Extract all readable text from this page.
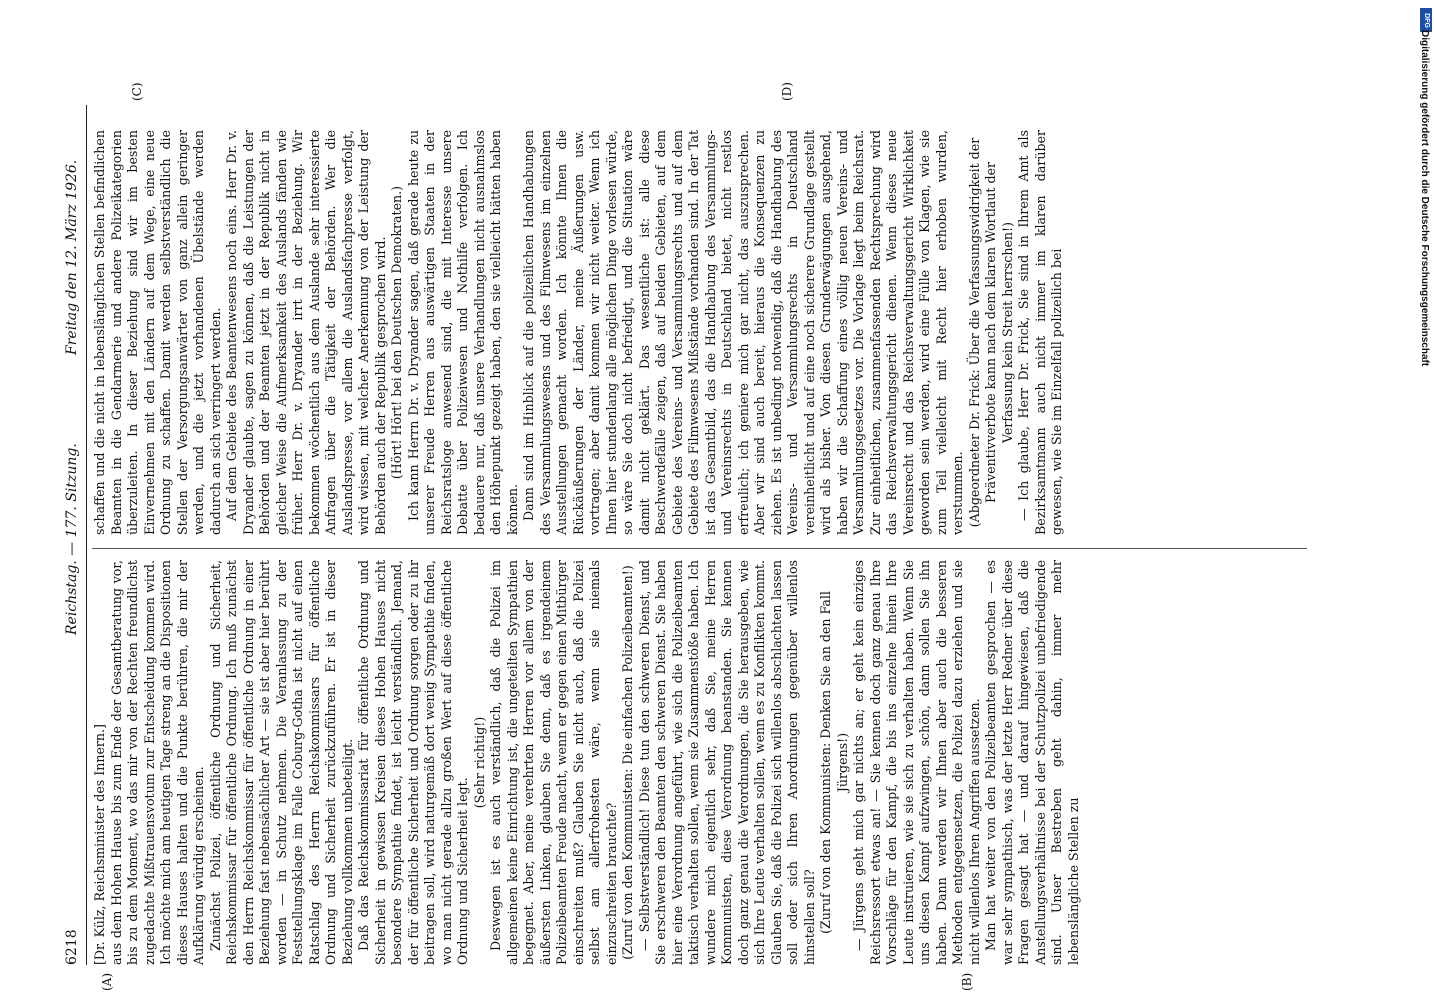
6218
Reichstag. — 177. Sitzung.
Freitag den 12. März 1926.
(A)	(B)
(C)	(D)

[Dr. Külz, Reichsminister des Innern.] aus dem Hohen Hause bis zum Ende der Gesamtberatung vor, bis zu dem Moment, wo das mir von der Rechten freundlichst zugedachte Mißtrauensvotum zur Entscheidung kommen wird. Ich möchte mich am heutigen Tage streng an die Dispositionen dieses Hauses halten und die Punkte berühren, die mir der Aufklärung würdig erscheinen. Zunächst Polizei, öffentliche Ordnung und Sicherheit, Reichskommissar für öffentliche Ordnung. Ich muß zunächst den Herrn Reichskommissar für öffentliche Ordnung in einer Beziehung fast nebensächlicher Art — sie ist aber hier berührt worden — in Schutz nehmen. Die Veranlassung zu der Feststellungsklage im Falle Coburg-Gotha ist nicht auf einen Ratschlag des Herrn Reichskommissars für öffentliche Ordnung und Sicherheit zurückzuführen. Er ist in dieser Beziehung vollkommen unbeteiligt. Daß das Reichskommissariat für öffentliche Ordnung und Sicherheit in gewissen Kreisen dieses Hohen Hauses nicht besondere Sympathie findet, ist leicht verständlich. Jemand, der für öffentliche Sicherheit und Ordnung sorgen oder zu ihr beitragen soll, wird naturgemäß dort wenig Sympathie finden, wo man nicht gerade allzu großen Wert auf diese öffentliche Ordnung und Sicherheit legt.

(Sehr richtig!) Deswegen ist es auch verständlich, daß die Polizei im allgemeinen keine Einrichtung ist, die ungeteilten Sympathien begegnet. Aber, meine verehrten Herren vor allem von der äußersten Linken, glauben Sie denn, daß es irgendeinem Polizeibeamten Freude macht, wenn er gegen einen Mitbürger einschreiten muß? Glauben Sie nicht auch, daß die Polizei selbst am allerfrohesten wäre, wenn sie niemals einzuschreiten brauchte? (Zuruf von den Kommunisten: Die einfachen Polizeibeamten!) — Selbstverständlich! Diese tun den schweren Dienst, und Sie erschweren den Beamten den schweren Dienst. Sie haben hier eine Verordnung angeführt, wie sich die Polizeibeamten taktisch verhalten sollen, wenn sie Zusammenstöße haben. Ich wundere mich eigentlich sehr, daß Sie, meine Herren Kommunisten, diese Verordnung beanstanden. Sie kennen doch ganz genau die Verordnungen, die Sie herausgeben, wie sich Ihre Leute verhalten sollen, wenn es zu Konflikten kommt. Glauben Sie, daß die Polizei sich willenlos abschlachten lassen soll oder sich Ihren Anordnungen gegenüber willenlos hinstellen soll? (Zuruf von den Kommunisten: Denken Sie an den Fall Jürgens!) — Jürgens geht mich gar nichts an; er geht kein einziges Reichsressort etwas an! — Sie kennen doch ganz genau Ihre Vorschläge für den Kampf, die bis ins einzelne hinein Ihre Leute instruieren, wie sie sich zu verhalten haben. Wenn Sie uns diesen Kampf aufzwingen, schön, dann sollen Sie ihn haben. Dann werden wir Ihnen aber auch die besseren Methoden entgegensetzen, die Polizei dazu erziehen und sie nicht willenlos Ihren Angriffen aussetzen. Man hat weiter von den Polizeibeamten gesprochen — es war sehr sympathisch, was der letzte Herr Redner über diese Fragen gesagt hat — und darauf hingewiesen, daß die Anstellungsverhältnisse bei der Schutzpolizei unbefriedigende sind. Unser Bestreben geht dahin, immer mehr lebenslängliche Stellen zu

schaffen und die nicht in lebenslänglichen Stellen befindlichen Beamten in die Gendarmerie und andere Polizeikategorien überzuleiten. In dieser Beziehung sind wir im besten Einvernehmen mit den Ländern auf dem Wege, eine neue Ordnung zu schaffen. Damit werden selbstverständlich die Stellen der Versorgungsanwärter von ganz allein geringer werden, und die jetzt vorhandenen Übelstände werden dadurch an sich verringert werden. Auf dem Gebiete des Beamtenwesens noch eins. Herr Dr. v. Dryander glaubte, sagen zu können, daß die Leistungen der Behörden und der Beamten jetzt in der Republik nicht in gleicher Weise die Aufmerksamkeit des Auslands fänden wie früher. Herr Dr. v. Dryander irrt in der Beziehung. Wir bekommen wöchentlich aus dem Auslande sehr interessierte Anfragen über die Tätigkeit der Behörden. Wer die Auslandspresse, vor allem die Auslandsfachpresse verfolgt, wird wissen, mit welcher Anerkennung von der Leistung der Behörden auch der Republik gesprochen wird. (Hört! Hört! bei den Deutschen Demokraten.) Ich kann Herrn Dr. v. Dryander sagen, daß gerade heute zu unserer Freude Herren aus auswärtigen Staaten in der Reichsratsloge anwesend sind, die mit Interesse unsere Debatte über Polizeiwesen und Nothilfe verfolgen. Ich bedauere nur, daß unsere Verhandlungen nicht ausnahmslos den Höhepunkt gezeigt haben, den sie vielleicht hätten haben können. Dann sind im Hinblick auf die polizeilichen Handhabungen des Versammlungswesens und des Filmwesens im einzelnen Ausstellungen gemacht worden. Ich könnte Ihnen die Rückäußerungen der Länder, meine Äußerungen usw. vortragen; aber damit kommen wir nicht weiter. Wenn ich Ihnen hier stundenlang alle möglichen Dinge vorlesen würde, so wäre Sie doch nicht befriedigt, und die Situation wäre damit nicht geklärt. Das wesentliche ist: alle diese Beschwerdefälle zeigen, daß auf beiden Gebieten, auf dem Gebiete des Vereins- und Versammlungsrechts und auf dem Gebiete des Filmwesens Mißstände vorhanden sind. In der Tat ist das Gesamtbild, das die Handhabung des Versammlungs- und Vereinsrechts in Deutschland bietet, nicht restlos erfreulich; ich geniere mich gar nicht, das auszusprechen. Aber wir sind auch bereit, hieraus die Konsequenzen zu ziehen. Es ist unbedingt notwendig, daß die Handhabung des Vereins- und Versammlungsrechts in Deutschland vereinheitlicht und auf eine noch sicherere Grundlage gestellt wird als bisher. Von diesen Grunderwägungen ausgehend, haben wir die Schaffung eines völlig neuen Vereins- und Versammlungsgesetzes vor. Die Vorlage liegt beim Reichsrat. Zur einheitlichen, zusammenfassenden Rechtsprechung wird das Reichsverwaltungsgericht dienen. Wenn dieses neue Vereinsrecht und das Reichsverwaltungsgericht Wirklichkeit geworden sein werden, wird eine Fülle von Klagen, wie sie zum Teil vielleicht mit Recht hier erhoben wurden, verstummen. (Abgeordneter Dr. Frick: Über die Verfassungswidrigkeit der Präventivverbote kann nach dem klaren Wortlaut der Verfassung kein Streit herrschen!) — Ich glaube, Herr Dr. Frick, Sie sind in Ihrem Amt als Bezirksamtmann auch nicht immer im klaren darüber gewesen, wie Sie im Einzelfall polizeilich bei

DFG
Digitalisierung gefördert durch die Deutsche Forschungsgemeinschaft
